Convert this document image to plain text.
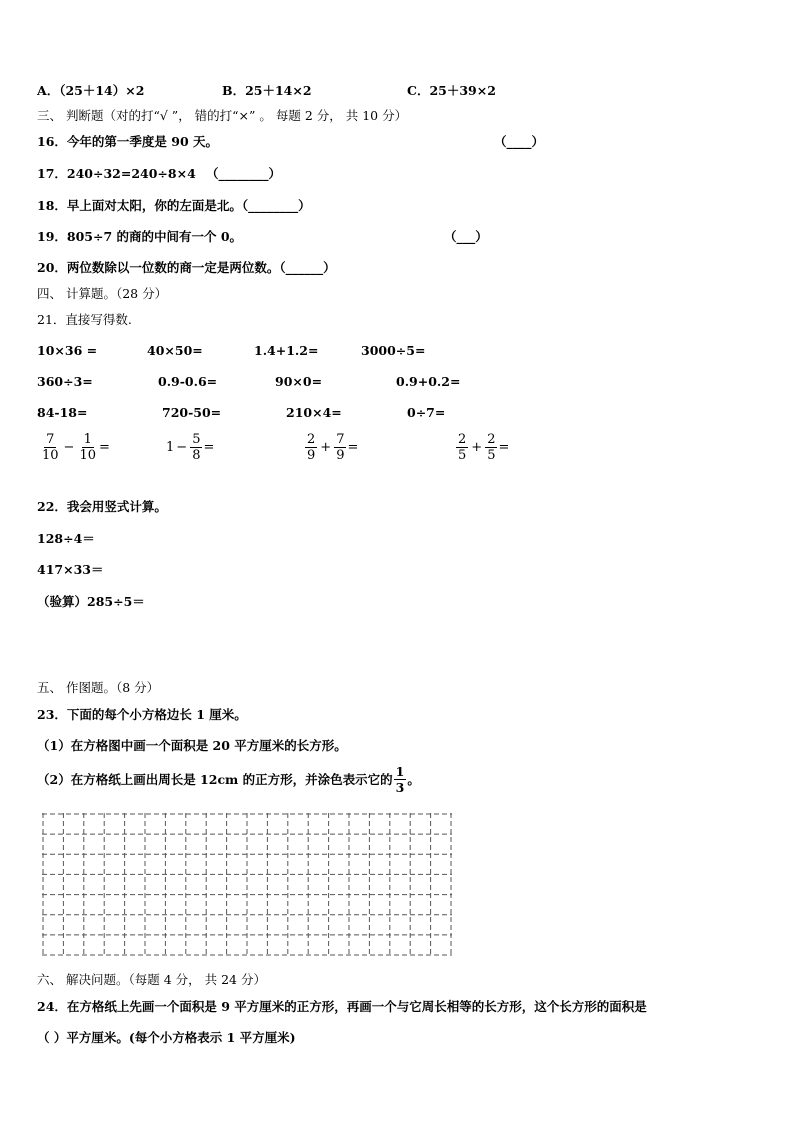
A．（25＋14）×2	B．25＋14×2	C．25＋39×2
三、 判断题（对的打“√ ”， 错的打“×” 。 每题 2 分， 共 10 分）
16．今年的第一季度是 90 天。	（____）
17．240÷32=240÷8×4 （________）
18．早上面对太阳，你的左面是北。（________）
19．805÷7 的商的中间有一个 0。	（___）
20．两位数除以一位数的商一定是两位数。（______）
四、 计算题。（28 分）
21．直接写得数.
10×36 =	40×50=	1.4+1.2=	3000÷5=
360÷3=	0.9-0.6=	90×0=	0.9+0.2=
84-18=	720-50=	210×4=	0÷7=
$\frac{7}{10} - \frac{1}{10}$ =	$1 - \frac{5}{8}$ =	$\frac{2}{9} + \frac{7}{9}$ =	$\frac{2}{5} + \frac{2}{5}$ =
22．我会用竖式计算。
128÷4＝
417×33＝
（验算）285÷5＝
五、 作图题。（8 分）
23．下面的每个小方格边长 1 厘米。
（1）在方格图中画一个面积是 20 平方厘米的长方形。
（2）在方格纸上画出周长是 12cm 的正方形，并涂色表示它的 $\frac{1}{3}$ 。
六、 解决问题。（每题 4 分， 共 24 分）
24．在方格纸上先画一个面积是 9 平方厘米的正方形，再画一个与它周长相等的长方形，这个长方形的面积是
（ ）平方厘米。(每个小方格表示 1 平方厘米)
